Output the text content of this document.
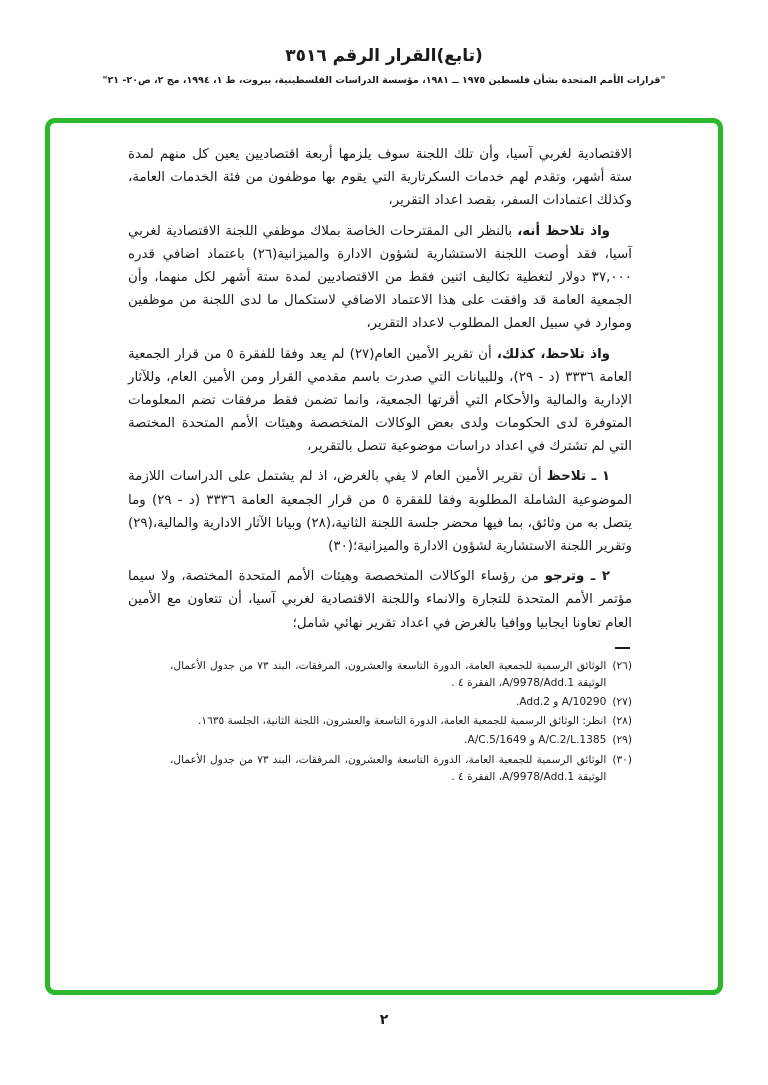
(تابع)القرار الرقم ٣٥١٦
"قرارات الأمم المتحدة بشأن فلسطين ١٩٧٥ ــ ١٩٨١، مؤسسة الدراسات الفلسطينية، بيروت، ط ١، ١٩٩٤، مج ٢، ص٢٠- ٢١"

الاقتصادية لغربي آسيا، وأن تلك اللجنة سوف يلزمها أربعة اقتصاديين يعين كل منهم لمدة ستة أشهر، وتقدم لهم خدمات السكرتارية التي يقوم بها موظفون من فئة الخدمات العامة، وكذلك اعتمادات السفر، بقصد اعداد التقرير،

واذ تلاحظ أنه، بالنظر الى المقترحات الخاصة بملاك موظفي اللجنة الاقتصادية لغربي آسيا، فقد أوصت اللجنة الاستشارية لشؤون الادارة والميزانية(٢٦) باعتماد اضافي قدره ٣٧,٠٠٠ دولار لتغطية تكاليف اثنين فقط من الاقتصاديين لمدة ستة أشهر لكل منهما، وأن الجمعية العامة قد وافقت على هذا الاعتماد الاضافي لاستكمال ما لدى اللجنة من موظفين وموارد في سبيل العمل المطلوب لاعداد التقرير،

واذ تلاحظ، كذلك، أن تقرير الأمين العام(٢٧) لم يعد وفقا للفقرة ٥ من قرار الجمعية العامة ٣٣٣٦ (د - ٢٩)، وللبيانات التي صدرت باسم مقدمي القرار ومن الأمين العام، وللآثار الإدارية والمالية والأحكام التي أقرتها الجمعية، وانما تضمن فقط مرفقات تضم المعلومات المتوفرة لدى الحكومات ولدى بعض الوكالات المتخصصة وهيئات الأمم المتحدة المختصة التي لم تشترك في اعداد دراسات موضوعية تتصل بالتقرير،

١ ـ تلاحظ أن تقرير الأمين العام لا يفي بالغرض، اذ لم يشتمل على الدراسات اللازمة الموضوعية الشاملة المطلوبة وفقا للفقرة ٥ من قرار الجمعية العامة ٣٣٣٦ (د - ٢٩) وما يتصل به من وثائق، بما فيها محضر جلسة اللجنة الثانية،(٢٨) وبيانا الآثار الادارية والمالية،(٢٩) وتقرير اللجنة الاستشارية لشؤون الادارة والميزانية؛(٣٠)

٢ ـ وترجو من رؤساء الوكالات المتخصصة وهيئات الأمم المتحدة المختصة، ولا سيما مؤتمر الأمم المتحدة للتجارة والانماء واللجنة الاقتصادية لغربي آسيا، أن تتعاون مع الأمين العام تعاونا ايجابيا ووافيا بالغرض في اعداد تقرير نهائي شامل؛

(٢٦)
الوثائق الرسمية للجمعية العامة، الدورة التاسعة والعشرون، المرفقات، البند ٧٣ من جدول الأعمال، الوثيقة A/9978/Add.1، الفقرة ٤ .
(٢٧)
A/10290 و Add.2.
(٢٨)
انظر: الوثائق الرسمية للجمعية العامة، الدورة التاسعة والعشرون، اللجنة الثانية، الجلسة ١٦٣٥.
(٢٩)
A/C.2/L.1385 و A/C.5/1649.
(٣٠)
الوثائق الرسمية للجمعية العامة، الدورة التاسعة والعشرون، المرفقات، البند ٧٣ من جدول الأعمال، الوثيقة A/9978/Add.1، الفقرة ٤ .
٢
